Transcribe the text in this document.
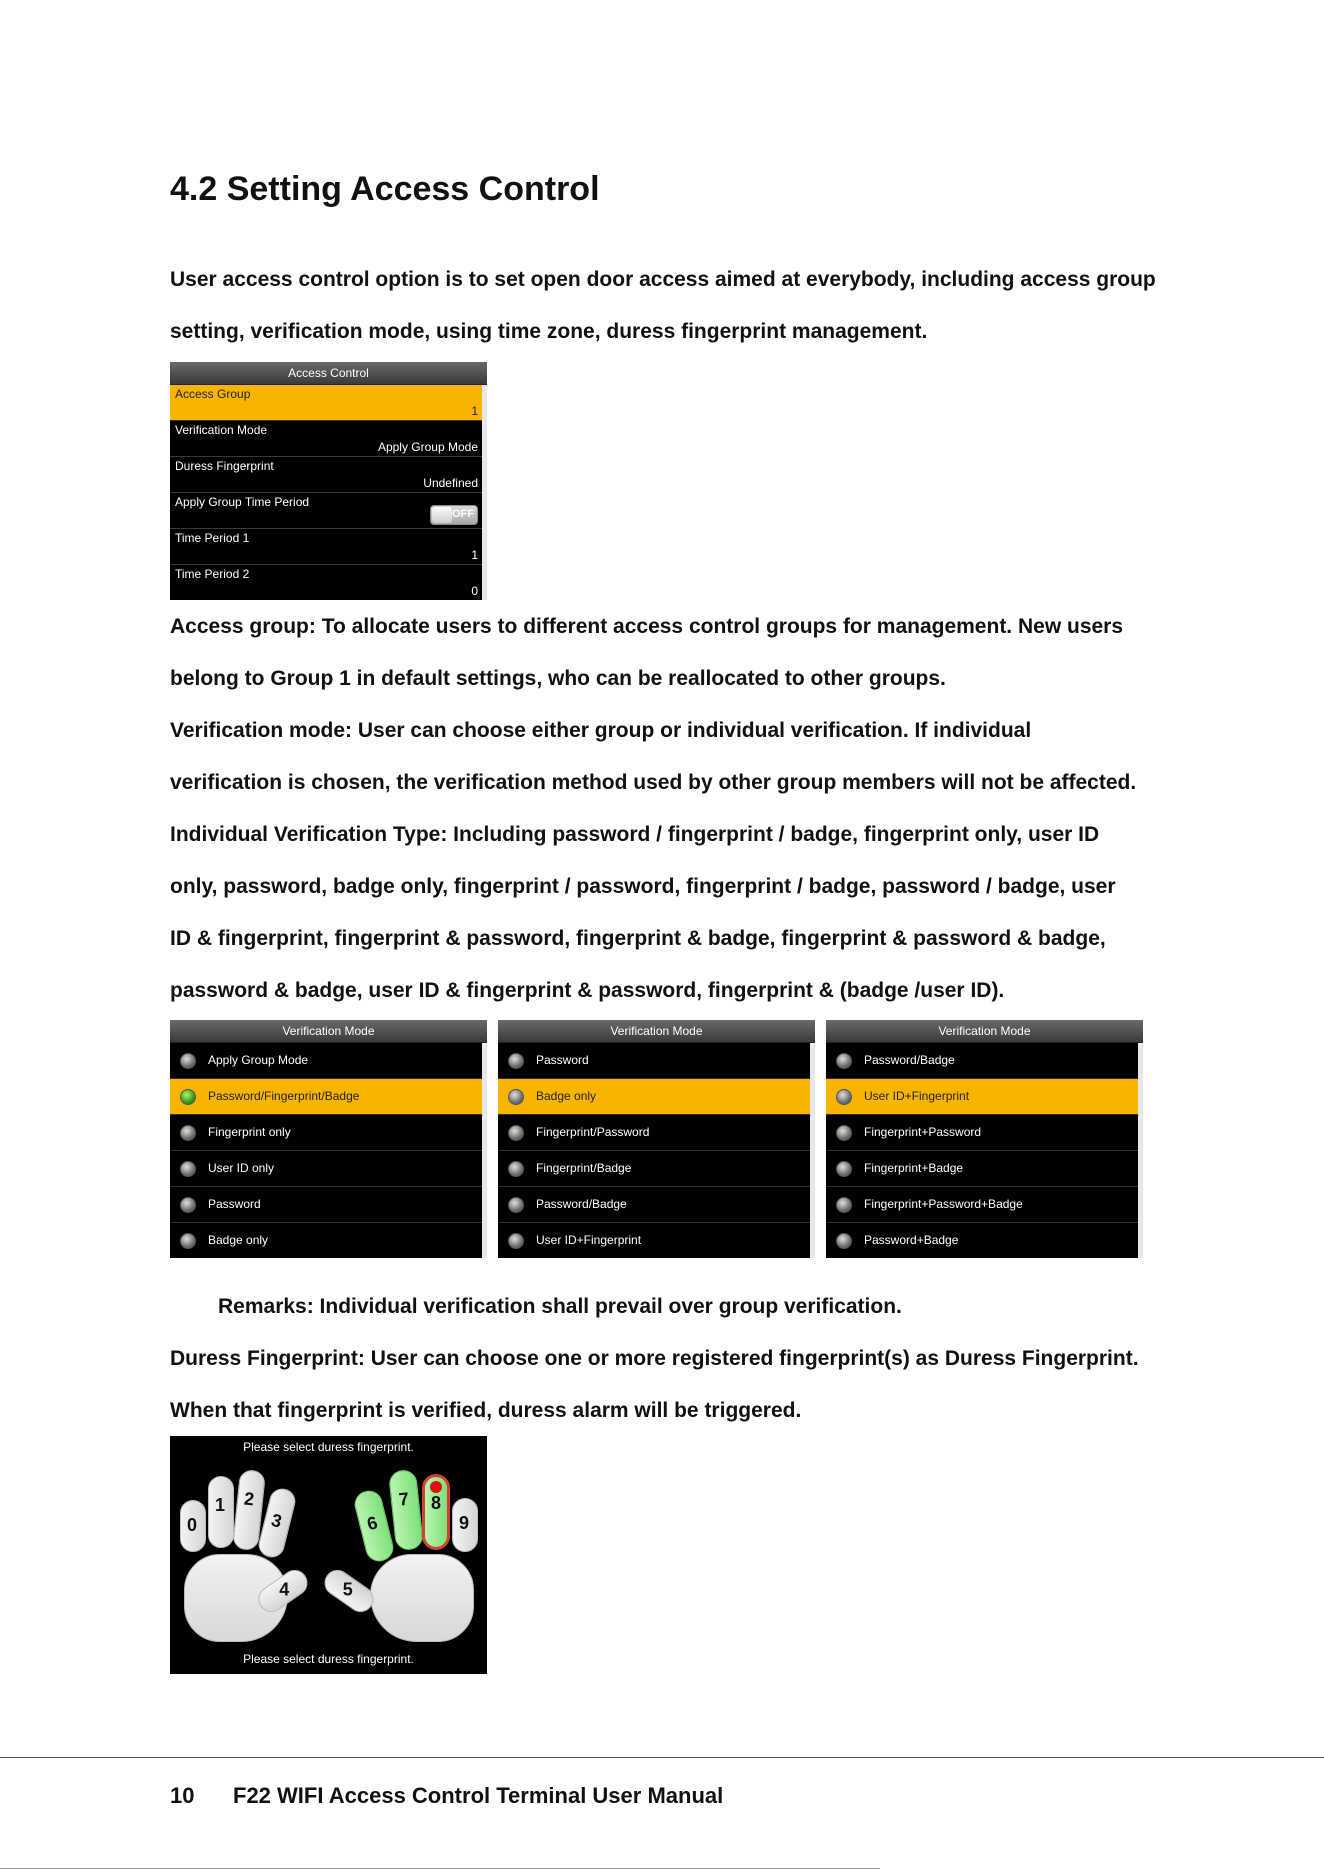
4.2 Setting Access Control
User access control option is to set open door access aimed at everybody, including access group
setting, verification mode, using time zone, duress fingerprint management.
Access Control
Access Group
1
Verification Mode
Apply Group Mode
Duress Fingerprint
Undefined
Apply Group Time Period
OFF
Time Period 1
1
Time Period 2
0
Access group: To allocate users to different access control groups for management. New users
belong to Group 1 in default settings, who can be reallocated to other groups.
Verification mode: User can choose either group or individual verification. If individual
verification is chosen, the verification method used by other group members will not be affected.
Individual Verification Type: Including password / fingerprint / badge, fingerprint only, user ID
only, password, badge only, fingerprint / password, fingerprint / badge, password / badge, user
ID & fingerprint, fingerprint & password, fingerprint & badge, fingerprint & password & badge,
password & badge, user ID & fingerprint & password, fingerprint & (badge /user ID).
Verification Mode
Apply Group Mode
Password/Fingerprint/Badge
Fingerprint only
User ID only
Password
Badge only
Verification Mode
Password
Badge only
Fingerprint/Password
Fingerprint/Badge
Password/Badge
User ID+Fingerprint
Verification Mode
Password/Badge
User ID+Fingerprint
Fingerprint+Password
Fingerprint+Badge
Fingerprint+Password+Badge
Password+Badge
Remarks: Individual verification shall prevail over group verification.
Duress Fingerprint: User can choose one or more registered fingerprint(s) as Duress Fingerprint.
When that fingerprint is verified, duress alarm will be triggered.
Please select duress fingerprint.
0
1 2
3
4	5
6
7 8
9
Please select duress fingerprint.
10 F22 WIFI Access Control Terminal User Manual
